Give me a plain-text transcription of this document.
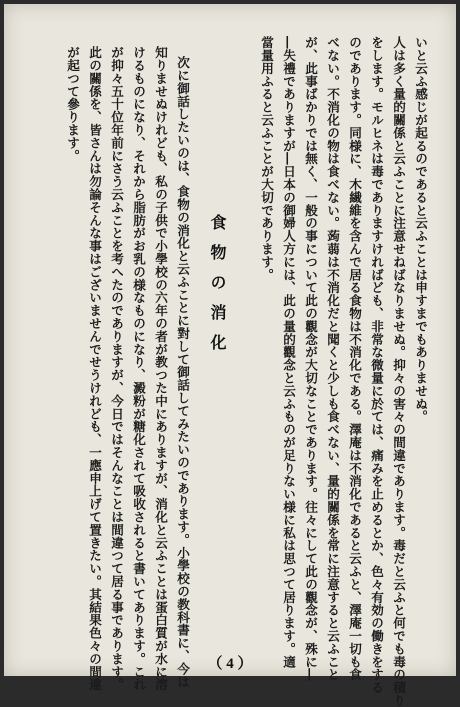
いと云ふ感じが起るのであると云ふことは申すまでもありませぬ。
人は多く量的關係と云ふことに注意せねばなりませぬ。抑々の害々の間違であります。毒だと云ふと何でも毒の積り
をします。モルヒネは毒でありますければども、非常な微量に於ては、痛みを止めるとか、色々有効の働きをする
のであります。同様に、木繊維を含んで居る食物は不消化である。澤庵は不消化であると云ふと、澤庵一切も食
べない。不消化の物は食べない。蒟蒻は不消化だと聞くと少しも食べない、量的關係を常に注意すると云ふこと
が、此事ばかりでは無く、一般の事について此の觀念が大切なことであります。往々にして此の觀念が、殊に―
―失禮でありますが―日本の御婦人方には、此の量的觀念と云ふものが足りない様に私は思つて居ります。適
當量用ふると云ふことが大切であります。
食物の消化
次に御話したいのは、食物の消化と云ふことに對して御話してみたいのであります。小學校の教科書に、今は
知りませぬけれども、私の子供で小學校の六年の者が教つた中にありますが、消化と云ふことは蛋白質が水に溶
けるものになり、それから脂肪がお乳の様なものになり、澱粉が糖化されて吸收されると書いてあります。これ
が抑々五十位年前にさう云ふことを考へたのでありますが、今日ではそんなことは間違つて居る事であります。
此の關係を、皆さんは勿論そんな事はございませんでせうけれども、一應申上げて置きたい。其結果色々の間違
が起つて參ります。
（ 4 ）
